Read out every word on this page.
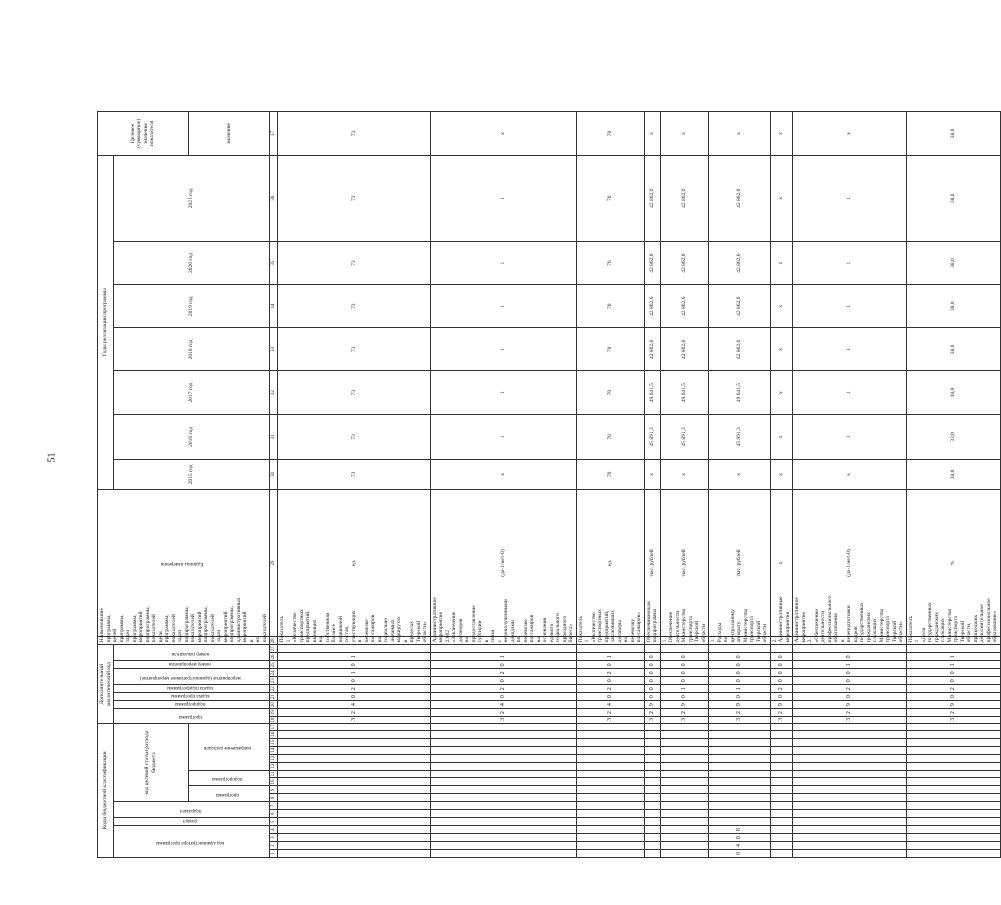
51
Коды бюджетной классификации																	Дополнительный аналитический код										Наименование программы, целей программы, задач программы, мероприятий подпрограммы, показателей цели программы, показателей задач подпрограммы, показателей мероприятий подпрограммы, показателей задач мероприятий подпрограммы, административных мероприятий и их показателей	Единица измерения	Годы реализации программы							Целевое (суммарное) значение показателя
код администратора программы				раздел	подраздел		код целевой статьи расхода бюджета										программа		подпрограмма	задача программы	задача подпрограммы	мероприятие (административное мероприятие)		номер мероприятия	номер показателя				2015 год	2016 год	2017 год	2018 год	2019 год	2020 год	2021 год	
							программа		подпрограмма		направление расходов																									значение
1	2	3	4	5	6	7	8	9	10	11	12	13	14	15	16	17	18	19	20	21	22	23	24	25	26	27	28	29	30	31	32	33	34	35	36	37
																	3	2	4	0	2	0	1	0	1		Показатель 1 «Количество транспортных предприятий, имеющих на собственном балансе подвижной состав, участвующих в перевозке пассажиров на социально значимых маршрутах в пределах Тверской области»	ед.	73	73	73	73	73	73	73	73
																	3	2	4	0	2	0	2	0	1		Административное мероприятие 2.002 «Заключение договоров на предоставление субсидии в связи с недополученными доходами по перевозке пассажиров на основании единого социального проездного билета»	(да-1/нет-0)	x	1	1	1	1	1	1	x
																	3	2	4	0	2	0	2	0	1		Показатель 1 «Количество транспортных предприятий, заключивших договоры на перевозку пассажиров»	ед.	70	70	70	70	70	70	70	70
																	3	2	9	0	0	0	0	0	0		Обеспечивающая подпрограмма	тыс. рублей	x	45 891,3	49 641,5	42 862,6	42 862,6	42 862,6	42 862,6	x
																	3	2	9	0	1	0	0	0	0		1. Обеспечение деятельности Министерства транспорта Тверской области	тыс. рублей	x	45 891,3	49 641,5	42 862,6	42 862,6	42 862,6	42 862,6	x
0	4	0	8														3	2	9	0	1	0	0	0	0		1.1. Расходы по центральному аппарату Министерства транспорта Тверской области	тыс. рублей	x	45 891,3	49 641,5	42 862,6	42 862,6	42 862,6	42 862,6	x
																	3	2	9	0	2	0	0	0	0		2. Административные мероприятия	x	x	x	x	x	x	x	x	x
																	3	2	9	0	2	0	0	1	0		Административное мероприятие 2.1 «Обеспечение деятельности профессионального образования и переподготовки кадров государственных гражданских служащих Министерства транспорта Тверской области»	(да-1/нет-0)	x	1	1	1	1	1	1	x
																	3	2	9	0	2	0	0	1	1		Показатель 1 «Доля государственных гражданских служащих Министерства транспорта Тверской области, прошедших дополнительное профессиональное образование»	%	38,0	33,0	38,0	38,0	38,0	38,0	38,0	38,0
